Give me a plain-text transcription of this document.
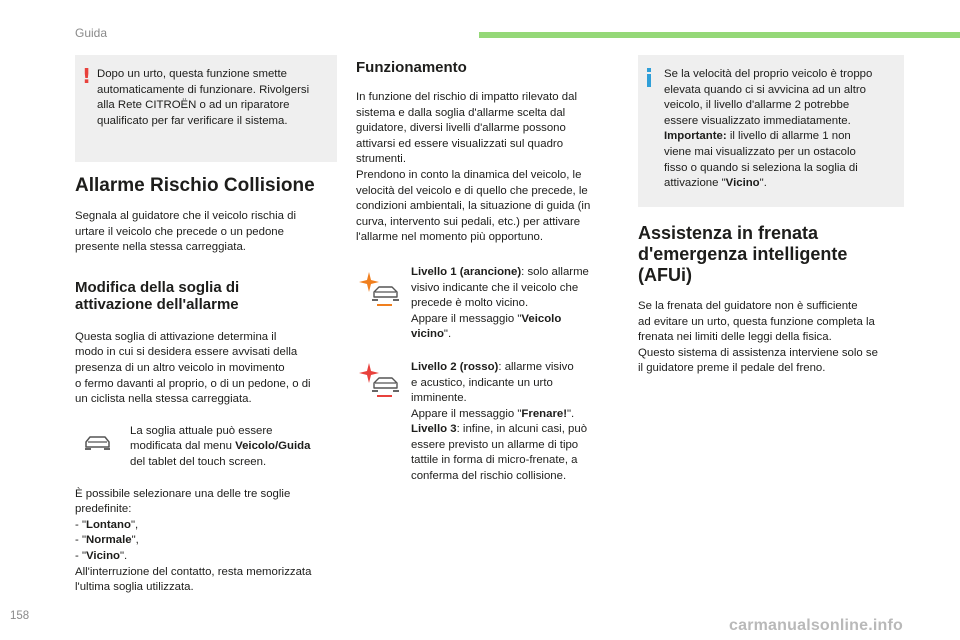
Guida
! Dopo un urto, questa funzione smette
automaticamente di funzionare. Rivolgersi
alla Rete CITROËN o ad un riparatore
qualificato per far verificare il sistema.
Allarme Rischio Collisione
Segnala al guidatore che il veicolo rischia di
urtare il veicolo che precede o un pedone
presente nella stessa carreggiata.
Modifica della soglia di
attivazione dell'allarme
Questa soglia di attivazione determina il
modo in cui si desidera essere avvisati della
presenza di un altro veicolo in movimento
o fermo davanti al proprio, o di un pedone, o di
un ciclista nella stessa carreggiata.
La soglia attuale può essere
modificata dal menu Veicolo/Guida
del tablet del touch screen.
È possibile selezionare una delle tre soglie
predefinite:
- "Lontano",
- "Normale",
- "Vicino".
All'interruzione del contatto, resta memorizzata
l'ultima soglia utilizzata.
Funzionamento
In funzione del rischio di impatto rilevato dal
sistema e dalla soglia d'allarme scelta dal
guidatore, diversi livelli d'allarme possono
attivarsi ed essere visualizzati sul quadro
strumenti.
Prendono in conto la dinamica del veicolo, le
velocità del veicolo e di quello che precede, le
condizioni ambientali, la situazione di guida (in
curva, intervento sui pedali, etc.) per attivare
l'allarme nel momento più opportuno.
Livello 1 (arancione): solo allarme
visivo indicante che il veicolo che
precede è molto vicino.
Appare il messaggio "Veicolo
vicino".
Livello 2 (rosso): allarme visivo
e acustico, indicante un urto
imminente.
Appare il messaggio "Frenare!".
Livello 3: infine, in alcuni casi, può
essere previsto un allarme di tipo
tattile in forma di micro-frenate, a
conferma del rischio collisione.
Se la velocità del proprio veicolo è troppo
elevata quando ci si avvicina ad un altro
veicolo, il livello d'allarme 2 potrebbe
essere visualizzato immediatamente.
Importante: il livello di allarme 1 non
viene mai visualizzato per un ostacolo
fisso o quando si seleziona la soglia di
attivazione "Vicino".
Assistenza in frenata
d'emergenza intelligente (AFUi)
Se la frenata del guidatore non è sufficiente
ad evitare un urto, questa funzione completa la
frenata nei limiti delle leggi della fisica.
Questo sistema di assistenza interviene solo se
il guidatore preme il pedale del freno.
158
carmanualsonline.info
